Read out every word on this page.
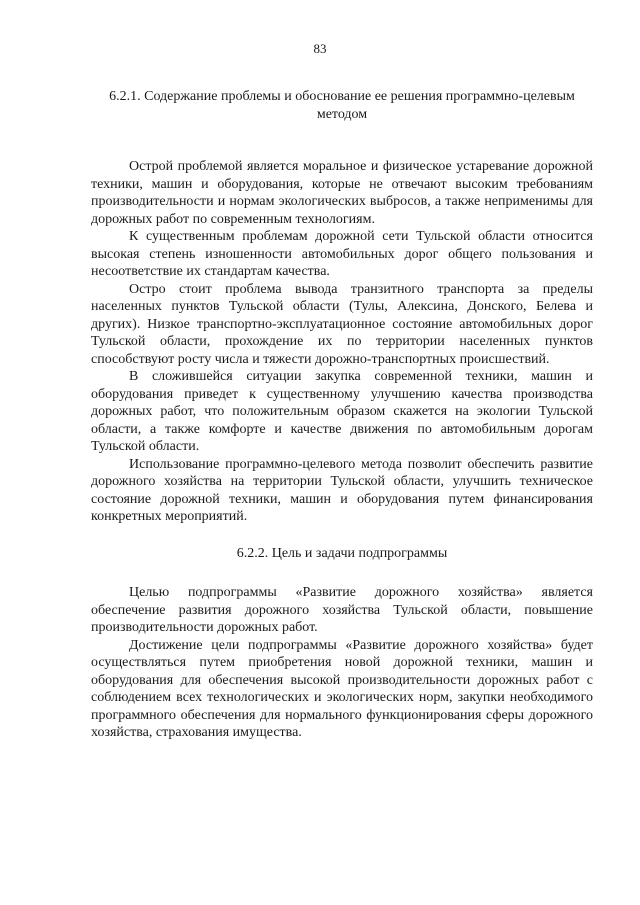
83
6.2.1. Содержание проблемы и обоснование ее решения программно-целевым методом

Острой проблемой является моральное и физическое устаревание дорожной техники, машин и оборудования, которые не отвечают высоким требованиям производительности и нормам экологических выбросов, а также неприменимы для дорожных работ по современным технологиям.

К существенным проблемам дорожной сети Тульской области относится высокая степень изношенности автомобильных дорог общего пользования и несоответствие их стандартам качества.

Остро стоит проблема вывода транзитного транспорта за пределы населенных пунктов Тульской области (Тулы, Алексина, Донского, Белева и других). Низкое транспортно-эксплуатационное состояние автомобильных дорог Тульской области, прохождение их по территории населенных пунктов способствуют росту числа и тяжести дорожно-транспортных происшествий.

В сложившейся ситуации закупка современной техники, машин и оборудования приведет к существенному улучшению качества производства дорожных работ, что положительным образом скажется на экологии Тульской области, а также комфорте и качестве движения по автомобильным дорогам Тульской области.

Использование программно-целевого метода позволит обеспечить развитие дорожного хозяйства на территории Тульской области, улучшить техническое состояние дорожной техники, машин и оборудования путем финансирования конкретных мероприятий.

6.2.2. Цель и задачи подпрограммы

Целью подпрограммы «Развитие дорожного хозяйства» является обеспечение развития дорожного хозяйства Тульской области, повышение производительности дорожных работ.

Достижение цели подпрограммы «Развитие дорожного хозяйства» будет осуществляться путем приобретения новой дорожной техники, машин и оборудования для обеспечения высокой производительности дорожных работ с соблюдением всех технологических и экологических норм, закупки необходимого программного обеспечения для нормального функционирования сферы дорожного хозяйства, страхования имущества.
